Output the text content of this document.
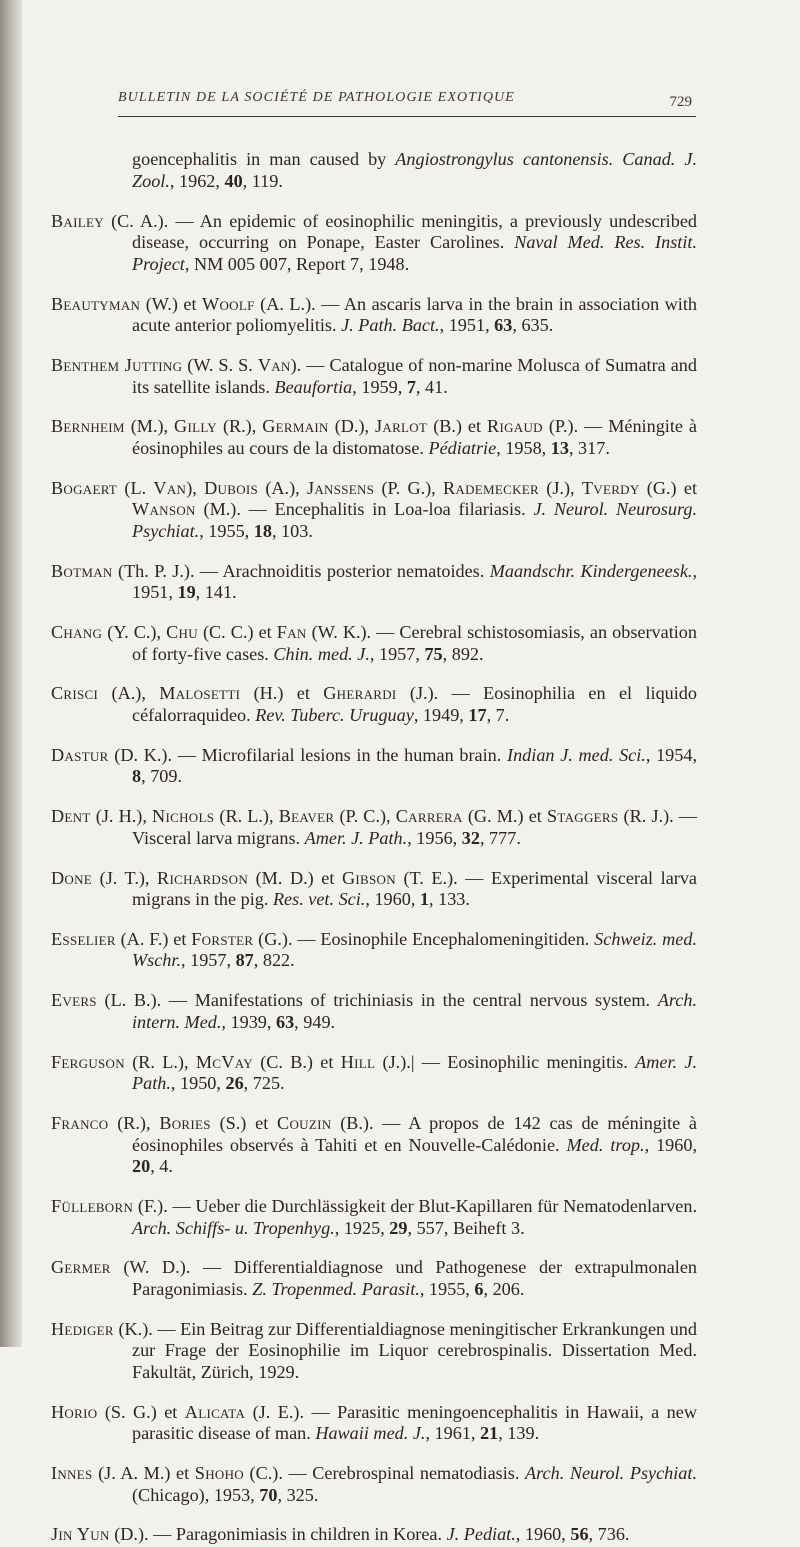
BULLETIN DE LA SOCIÉTÉ DE PATHOLOGIE EXOTIQUE	729

goencephalitis in man caused by Angiostrongylus cantonensis. Canad. J. Zool., 1962, 40, 119.

Bailey (C. A.). — An epidemic of eosinophilic meningitis, a previously undescribed disease, occurring on Ponape, Easter Carolines. Naval Med. Res. Instit. Project, NM 005 007, Report 7, 1948.

Beautyman (W.) et Woolf (A. L.). — An ascaris larva in the brain in association with acute anterior poliomyelitis. J. Path. Bact., 1951, 63, 635.

Benthem Jutting (W. S. S. Van). — Catalogue of non-marine Molusca of Sumatra and its satellite islands. Beaufortia, 1959, 7, 41.

Bernheim (M.), Gilly (R.), Germain (D.), Jarlot (B.) et Rigaud (P.). — Méningite à éosinophiles au cours de la distomatose. Pédiatrie, 1958, 13, 317.

Bogaert (L. Van), Dubois (A.), Janssens (P. G.), Rademecker (J.), Tverdy (G.) et Wanson (M.). — Encephalitis in Loa-loa filariasis. J. Neurol. Neurosurg. Psychiat., 1955, 18, 103.

Botman (Th. P. J.). — Arachnoiditis posterior nematoides. Maandschr. Kindergeneesk., 1951, 19, 141.

Chang (Y. C.), Chu (C. C.) et Fan (W. K.). — Cerebral schistosomiasis, an observation of forty-five cases. Chin. med. J., 1957, 75, 892.

Crisci (A.), Malosetti (H.) et Gherardi (J.). — Eosinophilia en el liquido céfalorraquideo. Rev. Tuberc. Uruguay, 1949, 17, 7.

Dastur (D. K.). — Microfilarial lesions in the human brain. Indian J. med. Sci., 1954, 8, 709.

Dent (J. H.), Nichols (R. L.), Beaver (P. C.), Carrera (G. M.) et Staggers (R. J.). — Visceral larva migrans. Amer. J. Path., 1956, 32, 777.

Done (J. T.), Richardson (M. D.) et Gibson (T. E.). — Experimental visceral larva migrans in the pig. Res. vet. Sci., 1960, 1, 133.

Esselier (A. F.) et Forster (G.). — Eosinophile Encephalomeningitiden. Schweiz. med. Wschr., 1957, 87, 822.

Evers (L. B.). — Manifestations of trichiniasis in the central nervous system. Arch. intern. Med., 1939, 63, 949.

Ferguson (R. L.), McVay (C. B.) et Hill (J.).| — Eosinophilic meningitis. Amer. J. Path., 1950, 26, 725.

Franco (R.), Bories (S.) et Couzin (B.). — A propos de 142 cas de méningite à éosinophiles observés à Tahiti et en Nouvelle-Calédonie. Med. trop., 1960, 20, 4.

Fülleborn (F.). — Ueber die Durchlässigkeit der Blut-Kapillaren für Nematodenlarven. Arch. Schiffs- u. Tropenhyg., 1925, 29, 557, Beiheft 3.

Germer (W. D.). — Differentialdiagnose und Pathogenese der extrapulmonalen Paragonimiasis. Z. Tropenmed. Parasit., 1955, 6, 206.

Hediger (K.). — Ein Beitrag zur Differentialdiagnose meningitischer Erkrankungen und zur Frage der Eosinophilie im Liquor cerebrospinalis. Dissertation Med. Fakultät, Zürich, 1929.

Horio (S. G.) et Alicata (J. E.). — Parasitic meningoencephalitis in Hawaii, a new parasitic disease of man. Hawaii med. J., 1961, 21, 139.

Innes (J. A. M.) et Shoho (C.). — Cerebrospinal nematodiasis. Arch. Neurol. Psychiat. (Chicago), 1953, 70, 325.

Jin Yun (D.). — Paragonimiasis in children in Korea. J. Pediat., 1960, 56, 736.
